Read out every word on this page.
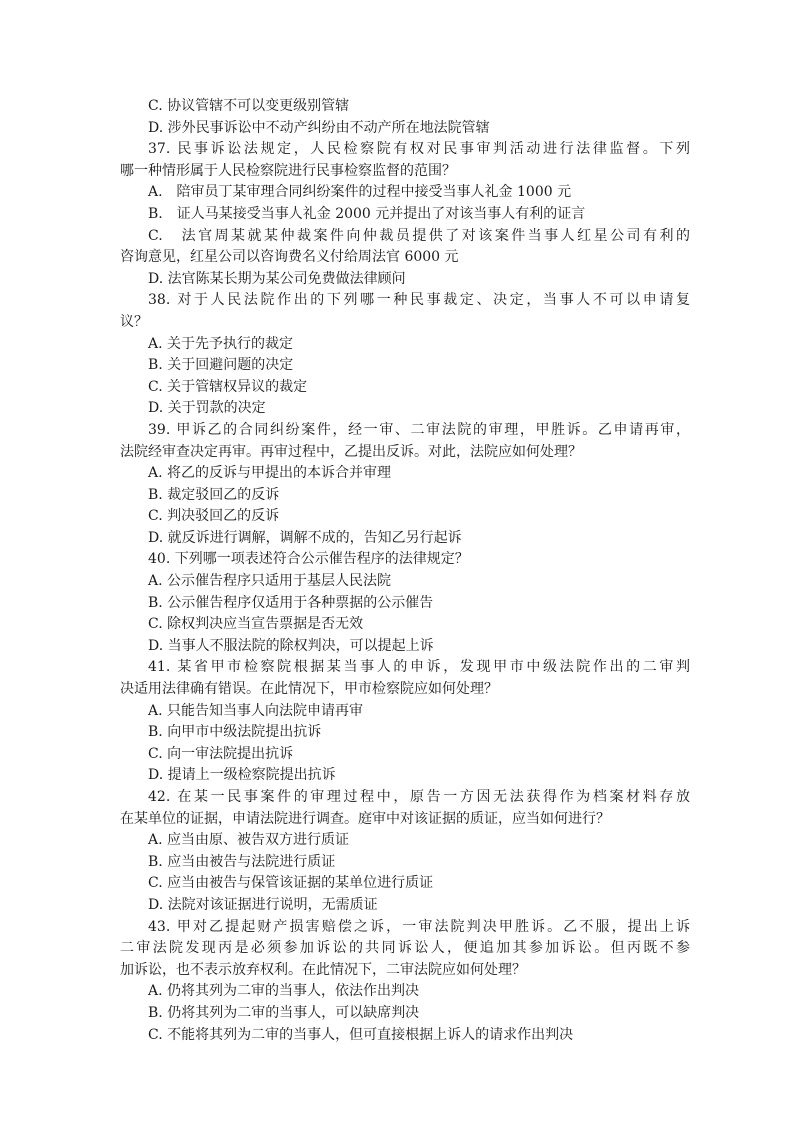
C. 协议管辖不可以变更级别管辖
D. 涉外民事诉讼中不动产纠纷由不动产所在地法院管辖
37. 民事诉讼法规定，人民检察院有权对民事审判活动进行法律监督。下列
哪一种情形属于人民检察院进行民事检察监督的范围？
A.　陪审员丁某审理合同纠纷案件的过程中接受当事人礼金 1000 元
B.　证人马某接受当事人礼金 2000 元并提出了对该当事人有利的证言
C.　法官周某就某仲裁案件向仲裁员提供了对该案件当事人红星公司有利的
咨询意见，红星公司以咨询费名义付给周法官 6000 元
D. 法官陈某长期为某公司免费做法律顾问
38. 对于人民法院作出的下列哪一种民事裁定、决定，当事人不可以申请复
议？
A. 关于先予执行的裁定
B. 关于回避问题的决定
C. 关于管辖权异议的裁定
D. 关于罚款的决定
39. 甲诉乙的合同纠纷案件，经一审、二审法院的审理，甲胜诉。乙申请再审，
法院经审查决定再审。再审过程中，乙提出反诉。对此，法院应如何处理？
A. 将乙的反诉与甲提出的本诉合并审理
B. 裁定驳回乙的反诉
C. 判决驳回乙的反诉
D. 就反诉进行调解，调解不成的，告知乙另行起诉
40. 下列哪一项表述符合公示催告程序的法律规定？
A. 公示催告程序只适用于基层人民法院
B. 公示催告程序仅适用于各种票据的公示催告
C. 除权判决应当宣告票据是否无效
D. 当事人不服法院的除权判决，可以提起上诉
41. 某省甲市检察院根据某当事人的申诉，发现甲市中级法院作出的二审判
决适用法律确有错误。在此情况下，甲市检察院应如何处理？
A. 只能告知当事人向法院申请再审
B. 向甲市中级法院提出抗诉
C. 向一审法院提出抗诉
D. 提请上一级检察院提出抗诉
42. 在某一民事案件的审理过程中，原告一方因无法获得作为档案材料存放
在某单位的证据，申请法院进行调查。庭审中对该证据的质证，应当如何进行？
A. 应当由原、被告双方进行质证
B. 应当由被告与法院进行质证
C. 应当由被告与保管该证据的某单位进行质证
D. 法院对该证据进行说明，无需质证
43. 甲对乙提起财产损害赔偿之诉，一审法院判决甲胜诉。乙不服，提出上诉
二审法院发现丙是必须参加诉讼的共同诉讼人，便追加其参加诉讼。但丙既不参
加诉讼，也不表示放弃权利。在此情况下，二审法院应如何处理？
A. 仍将其列为二审的当事人，依法作出判决
B. 仍将其列为二审的当事人，可以缺席判决
C. 不能将其列为二审的当事人，但可直接根据上诉人的请求作出判决
